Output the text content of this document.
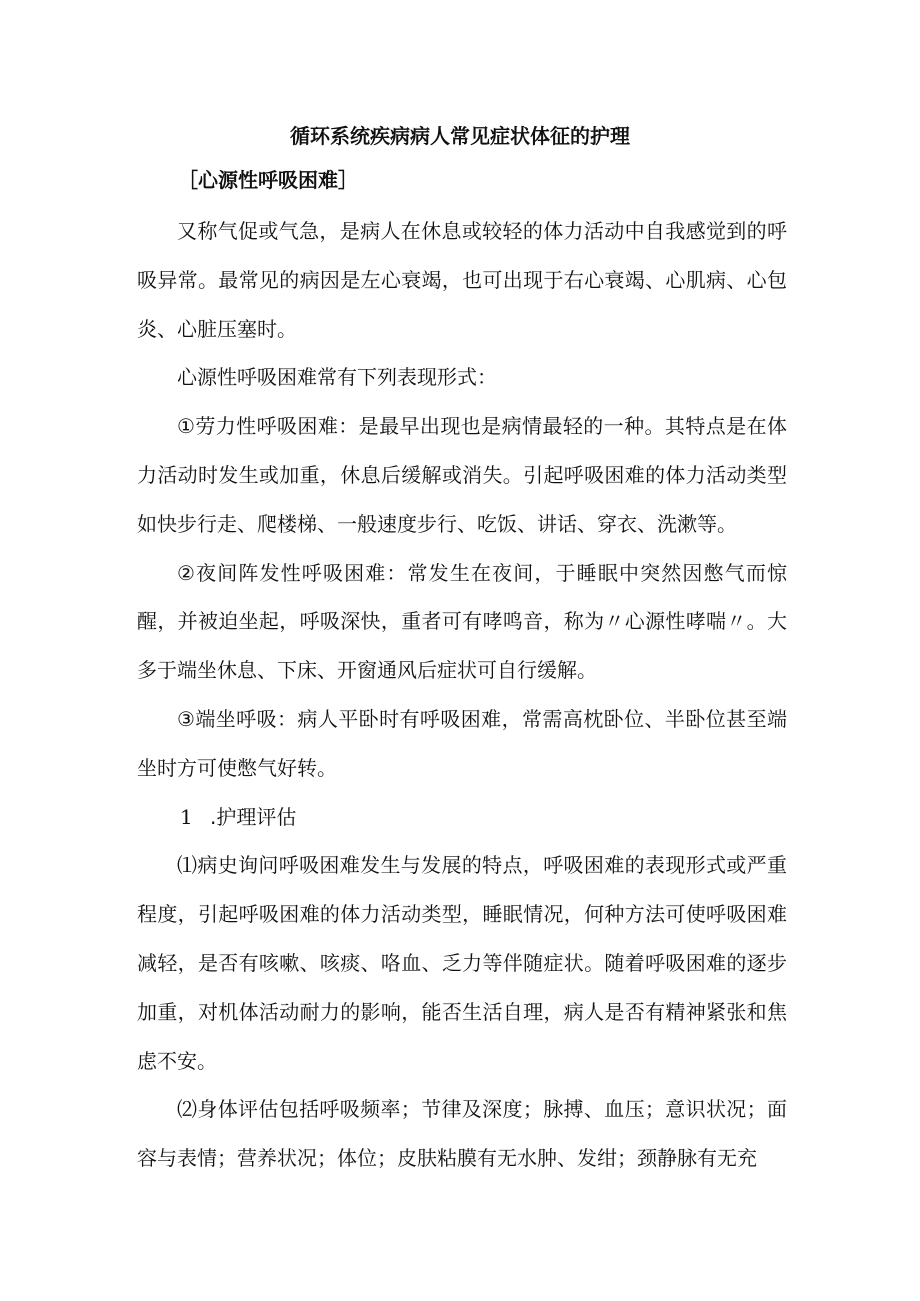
循环系统疾病病人常见症状体征的护理
［心源性呼吸困难］

又称气促或气急，是病人在休息或较轻的体力活动中自我感觉到的呼吸异常。最常见的病因是左心衰竭，也可出现于右心衰竭、心肌病、心包炎、心脏压塞时。

心源性呼吸困难常有下列表现形式：

①劳力性呼吸困难：是最早出现也是病情最轻的一种。其特点是在体力活动时发生或加重，休息后缓解或消失。引起呼吸困难的体力活动类型如快步行走、爬楼梯、一般速度步行、吃饭、讲话、穿衣、洗漱等。

②夜间阵发性呼吸困难：常发生在夜间，于睡眠中突然因憋气而惊醒，并被迫坐起，呼吸深快，重者可有哮鸣音，称为〃心源性哮喘〃。大多于端坐休息、下床、开窗通风后症状可自行缓解。

③端坐呼吸：病人平卧时有呼吸困难，常需高枕卧位、半卧位甚至端坐时方可使憋气好转。

1 .护理评估

⑴病史询问呼吸困难发生与发展的特点，呼吸困难的表现形式或严重程度，引起呼吸困难的体力活动类型，睡眠情况，何种方法可使呼吸困难减轻，是否有咳嗽、咳痰、咯血、乏力等伴随症状。随着呼吸困难的逐步加重，对机体活动耐力的影响，能否生活自理，病人是否有精神紧张和焦虑不安。

⑵身体评估包括呼吸频率；节律及深度；脉搏、血压；意识状况；面容与表情；营养状况；体位；皮肤粘膜有无水肿、发绀；颈静脉有无充
